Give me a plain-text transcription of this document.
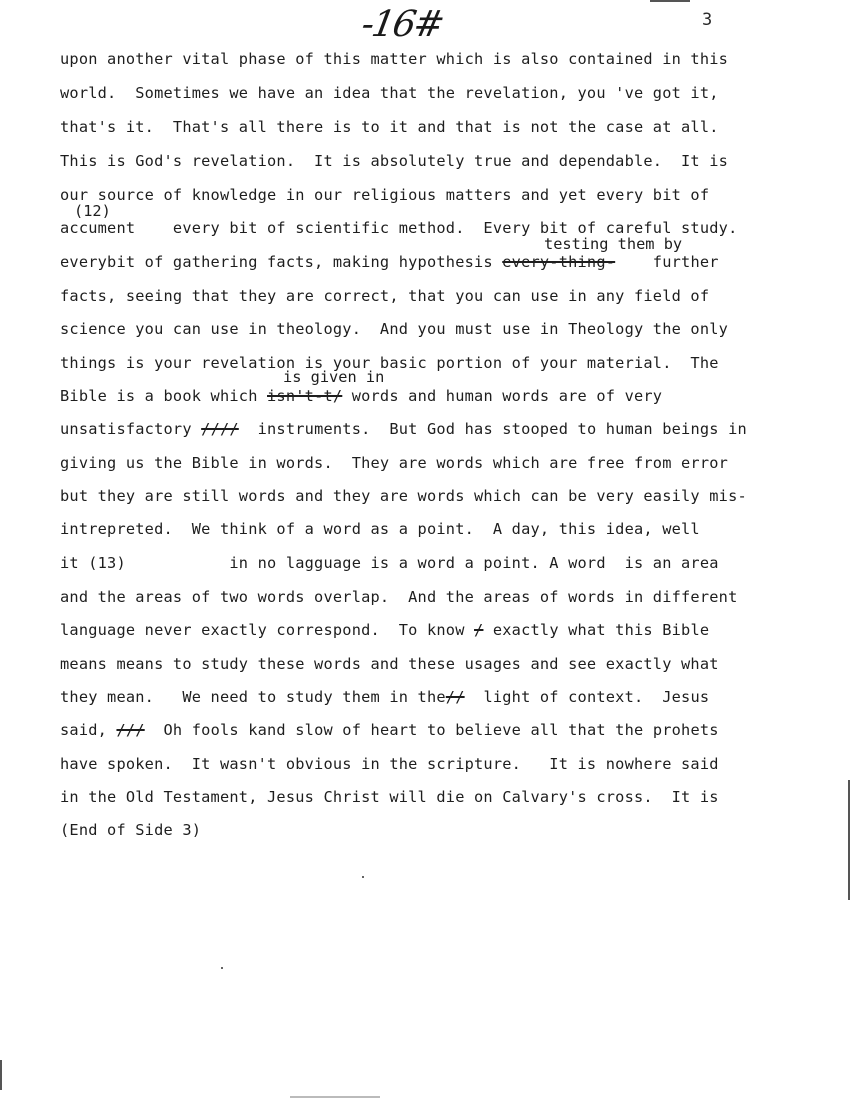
-16#	3
(12)
testing them by
is given in
upon another vital phase of this matter which is also contained in this
world.  Sometimes we have an idea that the revelation, you 've got it,
that's it.  That's all there is to it and that is not the case at all.
This is God's revelation.  It is absolutely true and dependable.  It is
our source of knowledge in our religious matters and yet every bit of
accument    every bit of scientific method.  Every bit of careful study.
everybit of gathering facts, making hypothesis every-thing-    further
facts, seeing that they are correct, that you can use in any field of
science you can use in theology.  And you must use in Theology the only
things is your revelation is your basic portion of your material.  The
Bible is a book which isn't-t/ words and human words are of very
unsatisfactory ////  instruments.  But God has stooped to human beings in
giving us the Bible in words.  They are words which are free from error
but they are still words and they are words which can be very easily mis-
intrepreted.  We think of a word as a point.  A day, this idea, well
it (13)           in no lagguage is a word a point. A word  is an area
and the areas of two words overlap.  And the areas of words in different
language never exactly correspond.  To know / exactly what this Bible
means means to study these words and these usages and see exactly what
they mean.   We need to study them in the//  light of context.  Jesus
said, ///  Oh fools kand slow of heart to believe all that the prohets
have spoken.  It wasn't obvious in the scripture.   It is nowhere said
in the Old Testament, Jesus Christ will die on Calvary's cross.  It is
(End of Side 3)
